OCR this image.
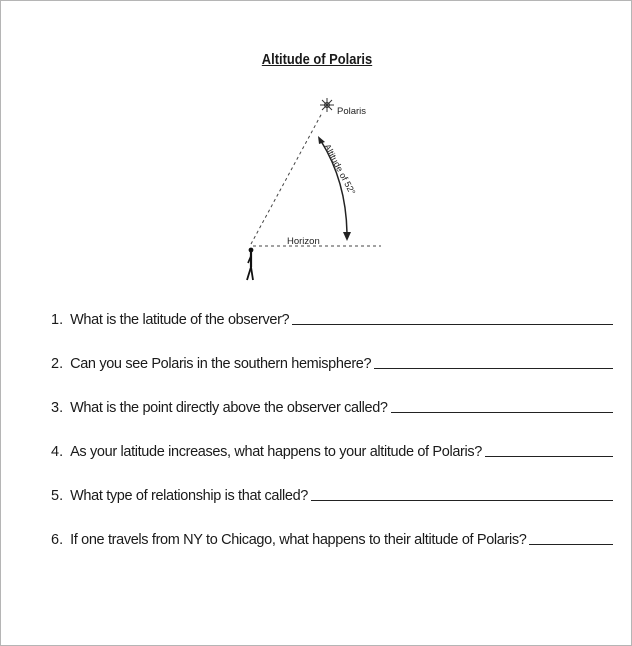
Altitude of Polaris
Polaris
Altitude of 52°
Horizon
1. What is the latitude of the observer?
2. Can you see Polaris in the southern hemisphere?
3. What is the point directly above the observer called?
4. As your latitude increases, what happens to your altitude of Polaris?
5. What type of relationship is that called?
6. If one travels from NY to Chicago, what happens to their altitude of Polaris?
